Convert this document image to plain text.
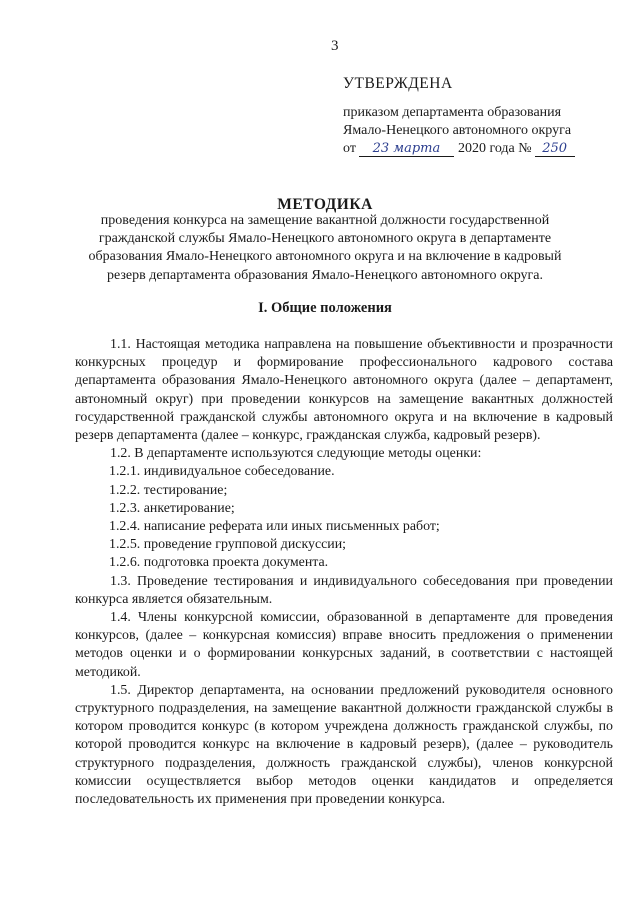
3
УТВЕРЖДЕНА
приказом департамента образования
Ямало-Ненецкого автономного округа
от	23 марта	2020 года № 250
МЕТОДИКА
проведения конкурса на замещение вакантной должности государственной гражданской службы Ямало-Ненецкого автономного округа в департаменте образования Ямало-Ненецкого автономного округа и на включение в кадровый резерв департамента образования Ямало-Ненецкого автономного округа.
I. Общие положения

1.1. Настоящая методика направлена на повышение объективности и прозрачности конкурсных процедур и формирование профессионального кадрового состава департамента образования Ямало-Ненецкого автономного округа (далее – департамент, автономный округ) при проведении конкурсов на замещение вакантных должностей государственной гражданской службы автономного округа и на включение в кадровый резерв департамента (далее – конкурс, гражданская служба, кадровый резерв).

1.2. В департаменте используются следующие методы оценки:

1.2.1. индивидуальное собеседование.
1.2.2. тестирование;
1.2.3. анкетирование;
1.2.4. написание реферата или иных письменных работ;
1.2.5. проведение групповой дискуссии;
1.2.6. подготовка проекта документа.

1.3. Проведение тестирования и индивидуального собеседования при проведении конкурса является обязательным.

1.4. Члены конкурсной комиссии, образованной в департаменте для проведения конкурсов, (далее – конкурсная комиссия) вправе вносить предложения о применении методов оценки и о формировании конкурсных заданий, в соответствии с настоящей методикой.

1.5. Директор департамента, на основании предложений руководителя основного структурного подразделения, на замещение вакантной должности гражданской службы в котором проводится конкурс (в котором учреждена должность гражданской службы, по которой проводится конкурс на включение в кадровый резерв), (далее – руководитель структурного подразделения, должность гражданской службы), членов конкурсной комиссии осуществляется выбор методов оценки кандидатов и определяется последовательность их применения при проведении конкурса.
